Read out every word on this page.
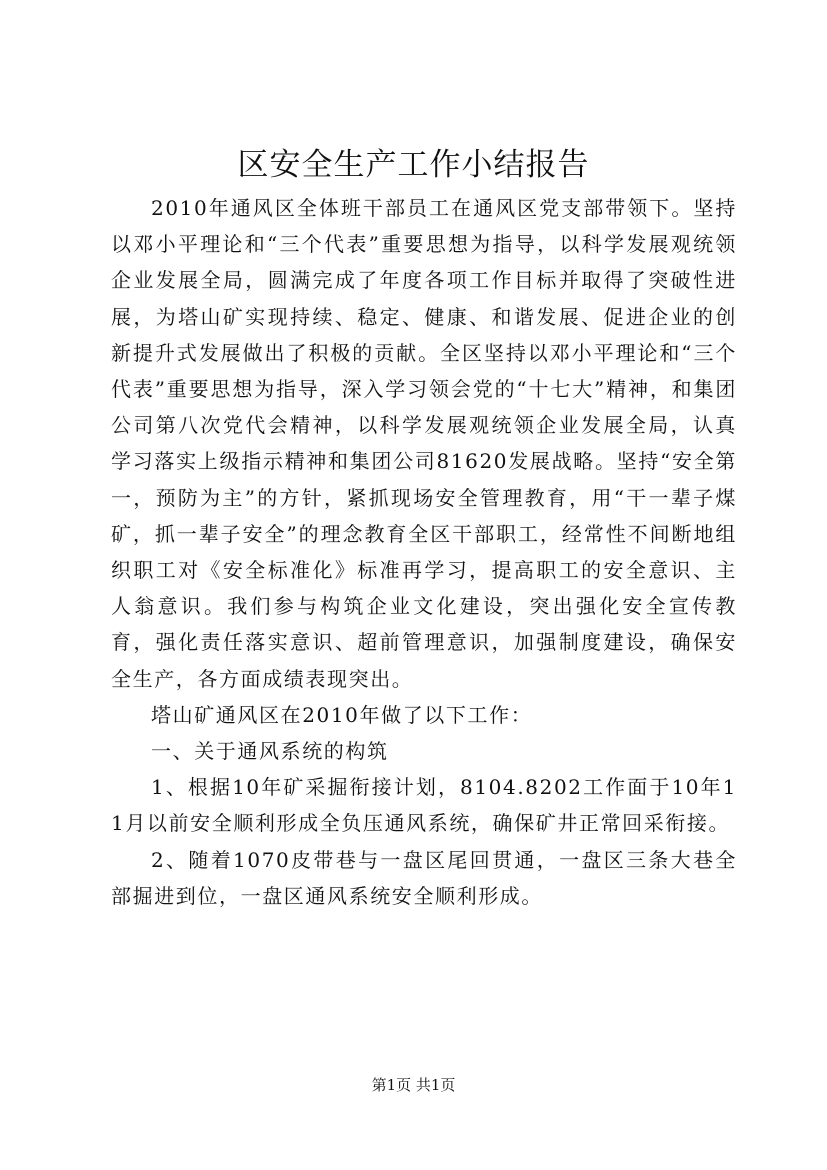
区安全生产工作小结报告

2010年通风区全体班干部员工在通风区党支部带领下。坚持以邓小平理论和“三个代表”重要思想为指导，以科学发展观统领企业发展全局，圆满完成了年度各项工作目标并取得了突破性进展，为塔山矿实现持续、稳定、健康、和谐发展、促进企业的创新提升式发展做出了积极的贡献。全区坚持以邓小平理论和“三个代表”重要思想为指导，深入学习领会党的“十七大”精神，和集团公司第八次党代会精神，以科学发展观统领企业发展全局，认真学习落实上级指示精神和集团公司81620发展战略。坚持“安全第一，预防为主”的方针，紧抓现场安全管理教育，用“干一辈子煤矿，抓一辈子安全”的理念教育全区干部职工，经常性不间断地组织职工对《安全标准化》标准再学习，提高职工的安全意识、主人翁意识。我们参与构筑企业文化建设，突出强化安全宣传教育，强化责任落实意识、超前管理意识，加强制度建设，确保安全生产，各方面成绩表现突出。

塔山矿通风区在2010年做了以下工作：

一、关于通风系统的构筑

1、根据10年矿采掘衔接计划，8104.8202工作面于10年11月以前安全顺利形成全负压通风系统，确保矿井正常回采衔接。

2、随着1070皮带巷与一盘区尾回贯通，一盘区三条大巷全部掘进到位，一盘区通风系统安全顺利形成。

第1页 共1页
